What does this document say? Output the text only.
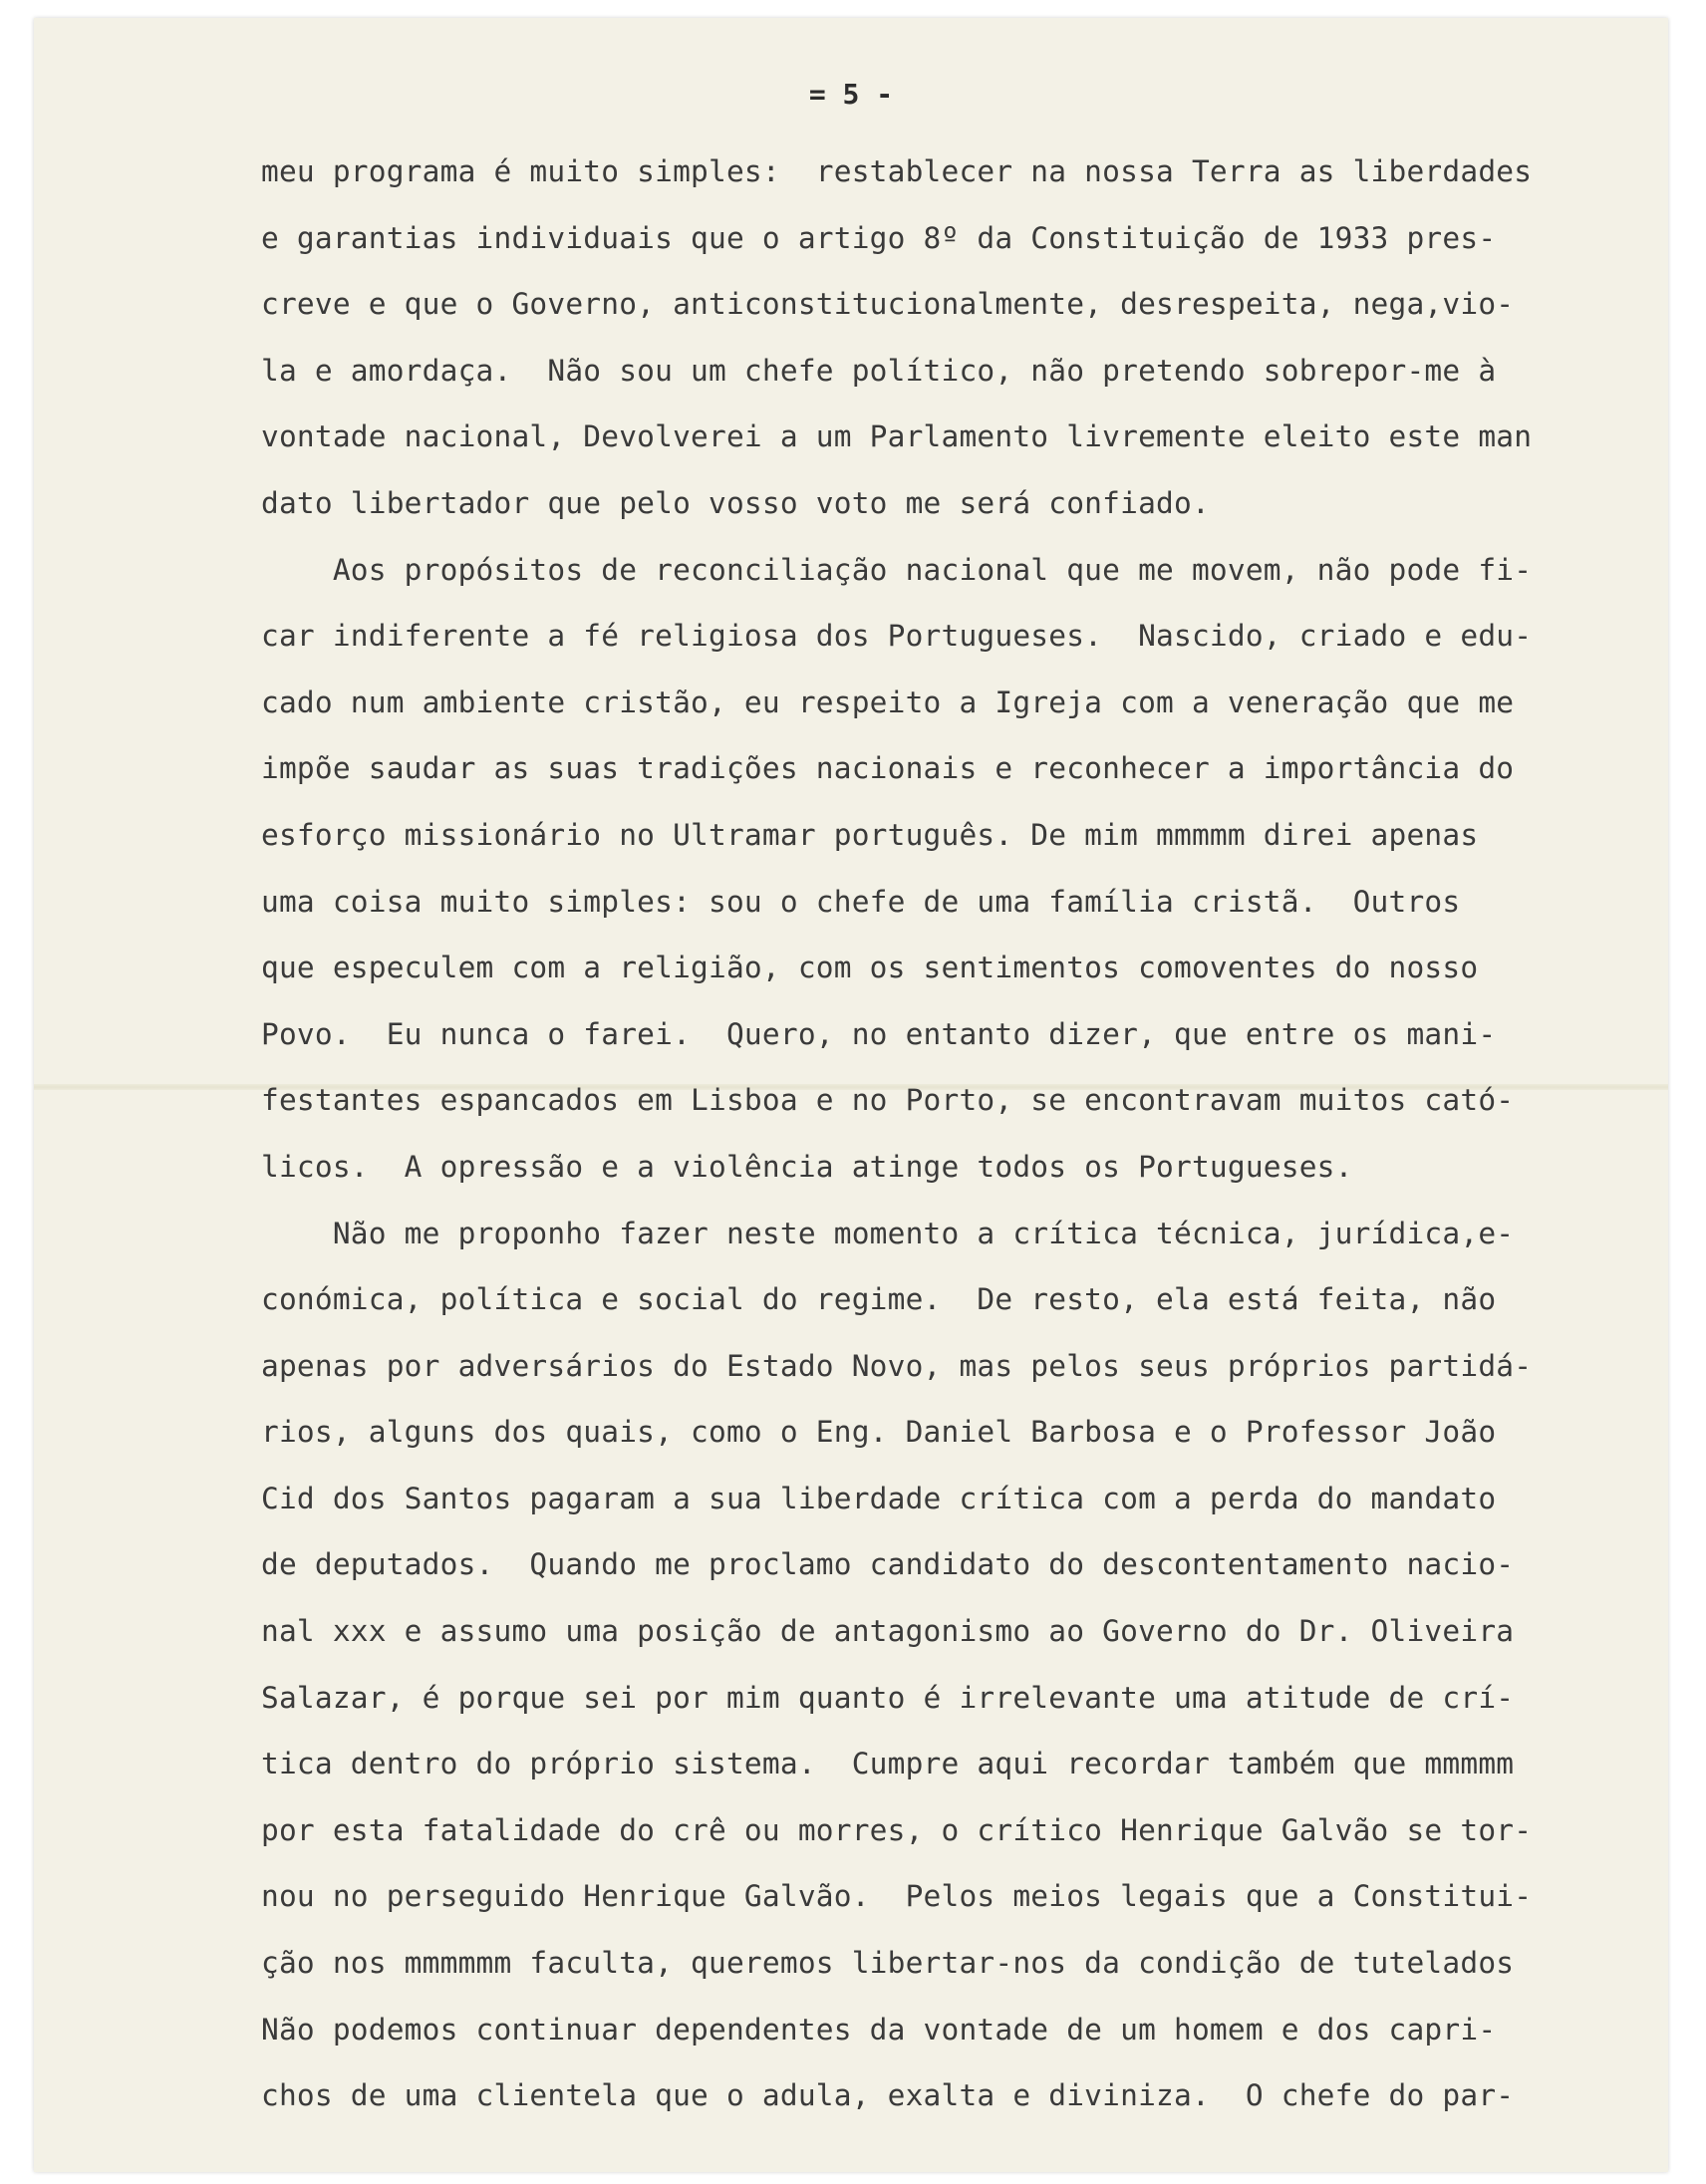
= 5 -
meu programa é muito simples:  restablecer na nossa Terra as liberdades
e garantias individuais que o artigo 8º da Constituição de 1933 pres-
creve e que o Governo, anticonstitucionalmente, desrespeita, nega,vio-
la e amordaça.  Não sou um chefe político, não pretendo sobrepor-me à
vontade nacional, Devolverei a um Parlamento livremente eleito este man
dato libertador que pelo vosso voto me será confiado.
Aos propósitos de reconciliação nacional que me movem, não pode fi-
car indiferente a fé religiosa dos Portugueses.  Nascido, criado e edu-
cado num ambiente cristão, eu respeito a Igreja com a veneração que me
impõe saudar as suas tradições nacionais e reconhecer a importância do
esforço missionário no Ultramar português. De mim mmmmm direi apenas
uma coisa muito simples: sou o chefe de uma família cristã.  Outros
que especulem com a religião, com os sentimentos comoventes do nosso
Povo.  Eu nunca o farei.  Quero, no entanto dizer, que entre os mani-
festantes espancados em Lisboa e no Porto, se encontravam muitos cató-
licos.  A opressão e a violência atinge todos os Portugueses.
Não me proponho fazer neste momento a crítica técnica, jurídica,e-
conómica, política e social do regime.  De resto, ela está feita, não
apenas por adversários do Estado Novo, mas pelos seus próprios partidá-
rios, alguns dos quais, como o Eng. Daniel Barbosa e o Professor João
Cid dos Santos pagaram a sua liberdade crítica com a perda do mandato
de deputados.  Quando me proclamo candidato do descontentamento nacio-
nal xxx e assumo uma posição de antagonismo ao Governo do Dr. Oliveira
Salazar, é porque sei por mim quanto é irrelevante uma atitude de crí-
tica dentro do próprio sistema.  Cumpre aqui recordar também que mmmmm
por esta fatalidade do crê ou morres, o crítico Henrique Galvão se tor-
nou no perseguido Henrique Galvão.  Pelos meios legais que a Constitui-
ção nos mmmmmm faculta, queremos libertar-nos da condição de tutelados
Não podemos continuar dependentes da vontade de um homem e dos capri-
chos de uma clientela que o adula, exalta e diviniza.  O chefe do par-
